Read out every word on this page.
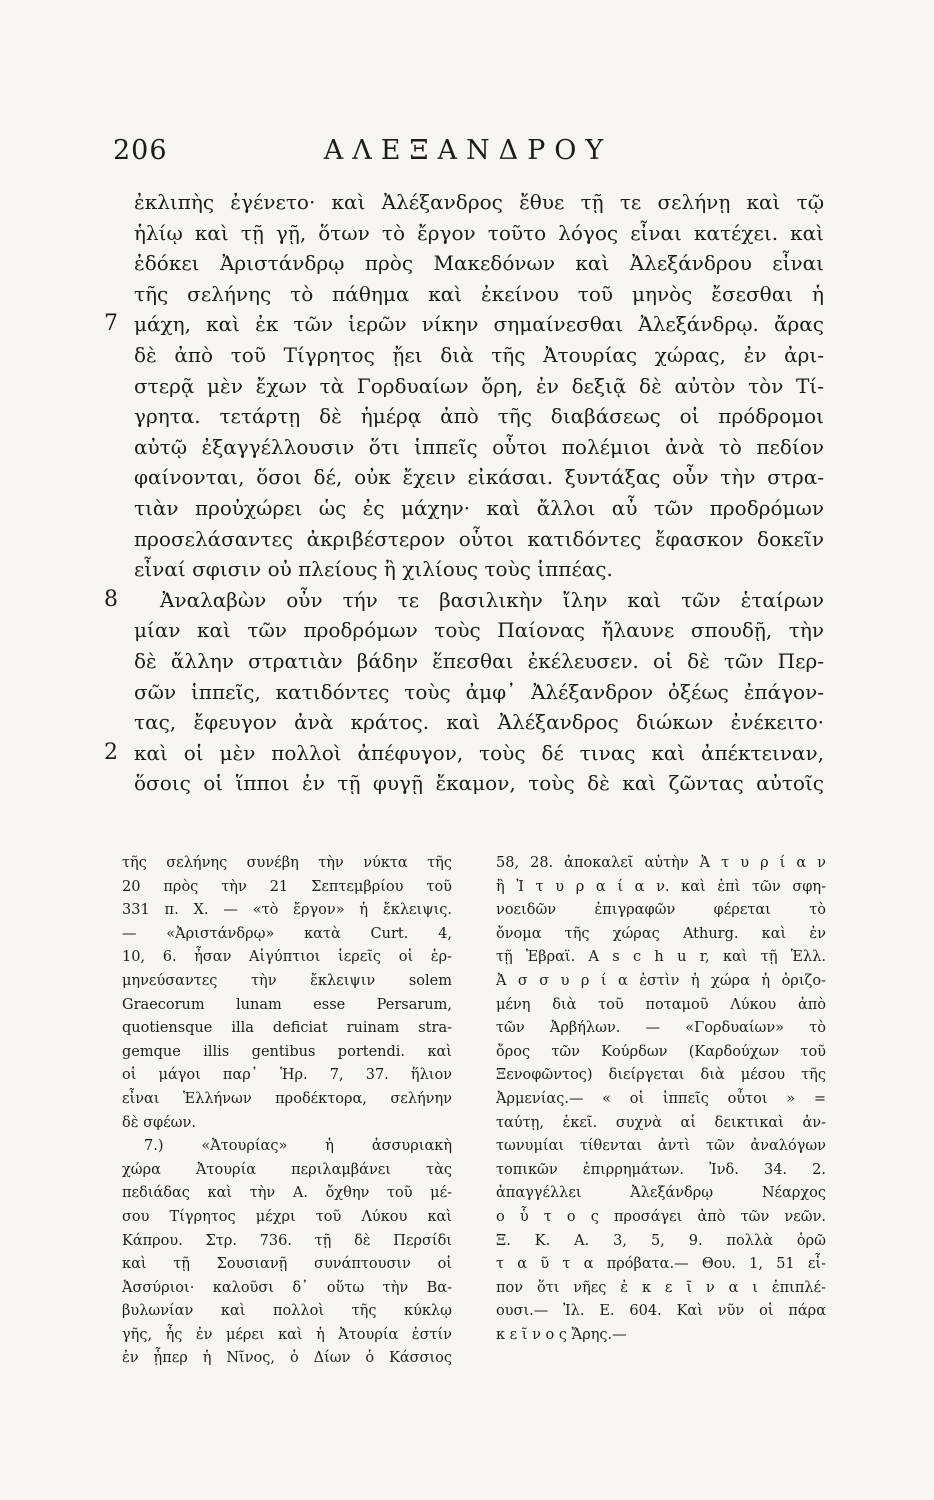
206	ΑΛΕΞΑΝΔΡΟΥ
ἐκλιπὴς ἐγένετο· καὶ Ἀλέξανδρος ἔθυε τῇ τε σελήνῃ καὶ τῷ
ἡλίῳ καὶ τῇ γῇ, ὅτων τὸ ἔργον τοῦτο λόγος εἶναι κατέχει. καὶ
ἐδόκει Ἀριστάνδρῳ πρὸς Μακεδόνων καὶ Ἀλεξάνδρου εἶναι
τῆς σελήνης τὸ πάθημα καὶ ἐκείνου τοῦ μηνὸς ἔσεσθαι ἡ
7 μάχη, καὶ ἐκ τῶν ἱερῶν νίκην σημαίνεσθαι Ἀλεξάνδρῳ. ἄρας
δὲ ἀπὸ τοῦ Τίγρητος ᾔει διὰ τῆς Ἀτουρίας χώρας, ἐν ἀρι-
στερᾷ μὲν ἔχων τὰ Γορδυαίων ὄρη, ἐν δεξιᾷ δὲ αὐτὸν τὸν Τί-
γρητα. τετάρτῃ δὲ ἡμέρᾳ ἀπὸ τῆς διαβάσεως οἱ πρόδρομοι
αὐτῷ ἐξαγγέλλουσιν ὅτι ἱππεῖς οὗτοι πολέμιοι ἀνὰ τὸ πεδίον
φαίνονται, ὅσοι δέ, οὐκ ἔχειν εἰκάσαι. ξυντάξας οὖν τὴν στρα-
τιὰν προὐχώρει ὡς ἐς μάχην· καὶ ἄλλοι αὖ τῶν προδρόμων
προσελάσαντες ἀκριβέστερον οὗτοι κατιδόντες ἔφασκον δοκεῖν
εἶναί σφισιν οὐ πλείους ἢ χιλίους τοὺς ἱππέας.
8	Ἀναλαβὼν οὖν τήν τε βασιλικὴν ἴλην καὶ τῶν ἑταίρων
μίαν καὶ τῶν προδρόμων τοὺς Παίονας ἤλαυνε σπουδῇ, τὴν
δὲ ἄλλην στρατιὰν βάδην ἕπεσθαι ἐκέλευσεν. οἱ δὲ τῶν Περ-
σῶν ἱππεῖς, κατιδόντες τοὺς ἀμφ᾽ Ἀλέξανδρον ὀξέως ἐπάγον-
τας, ἔφευγον ἀνὰ κράτος. καὶ Ἀλέξανδρος διώκων ἐνέκειτο·
2 καὶ οἱ μὲν πολλοὶ ἀπέφυγον, τοὺς δέ τινας καὶ ἀπέκτειναν,
ὅσοις οἱ ἵπποι ἐν τῇ φυγῇ ἔκαμον, τοὺς δὲ καὶ ζῶντας αὐτοῖς
τῆς σελήνης συνέβη τὴν νύκτα τῆς
20 πρὸς τὴν 21 Σεπτεμβρίου τοῦ
331 π. Χ. — «τὸ ἔργον» ἡ ἔκλειψις.
— «Ἀριστάνδρῳ» κατὰ Curt. 4,
10, 6. ἦσαν Αἰγύπτιοι ἱερεῖς οἱ ἑρ-
μηνεύσαντες τὴν ἔκλειψιν solem
Graecorum lunam esse Persarum,
quotiensque illa deficiat ruinam stra-
gemque illis gentibus portendi. καὶ
οἱ μάγοι παρ᾽ Ἡρ. 7, 37. ἥλιον
εἶναι Ἑλλήνων προδέκτορα, σελήνην
δὲ σφέων.
7.) «Ἀτουρίας» ἡ ἀσσυριακὴ
χώρα Ἀτουρία περιλαμβάνει τὰς
πεδιάδας καὶ τὴν Α. ὄχθην τοῦ μέ-
σου Τίγρητος μέχρι τοῦ Λύκου καὶ
Κάπρου. Στρ. 736. τῇ δὲ Περσίδι
καὶ τῇ Σουσιανῇ συνάπτουσιν οἱ
Ἀσσύριοι· καλοῦσι δ᾽ οὕτω τὴν Βα-
βυλωνίαν καὶ πολλοὶ τῆς κύκλῳ
γῆς, ἧς ἐν μέρει καὶ ἡ Ἀτουρία ἐστίν
ἐν ᾗπερ ἡ Νῖνος, ὁ Δίων ὁ Κάσσιος
58, 28. ἀποκαλεῖ αὐτὴν Ἀ τ υ ρ ί α ν
ἢ Ἰ τ υ ρ α ί α ν. καὶ ἐπὶ τῶν σφη-
νοειδῶν ἐπιγραφῶν φέρεται τὸ
ὄνομα τῆς χώρας Athurg. καὶ ἐν
τῇ Ἑβραϊ. A s c h u r, καὶ τῇ Ἑλλ.
Ἀ σ σ υ ρ ί α ἐστὶν ἡ χώρα ἡ ὁριζο-
μένη διὰ τοῦ ποταμοῦ Λύκου ἀπὸ
τῶν Ἀρβήλων. — «Γορδυαίων» τὸ
ὄρος τῶν Κούρδων (Καρδούχων τοῦ
Ξενοφῶντος) διείργεται διὰ μέσου τῆς
Ἀρμενίας.— « οἱ ἱππεῖς οὗτοι » =
ταύτῃ, ἐκεῖ. συχνὰ αἱ δεικτικαὶ ἀν-
τωνυμίαι τίθενται ἀντὶ τῶν ἀναλόγων
τοπικῶν ἐπιρρημάτων. Ἰνδ. 34. 2.
ἀπαγγέλλει Ἀλεξάνδρῳ Νέαρχος
ο ὗ τ ο ς προσάγει ἀπὸ τῶν νεῶν.
Ξ. Κ. Α. 3, 5, 9. πολλὰ ὁρῶ
τ α ῦ τ α πρόβατα.— Θου. 1, 51 εἶ-
πον ὅτι νῆες ἐ κ ε ῖ ν α ι ἐπιπλέ-
ουσι.— Ἰλ. Ε. 604. Καὶ νῦν οἱ πάρα
κ ε ῖ ν ο ς Ἄρης.—
